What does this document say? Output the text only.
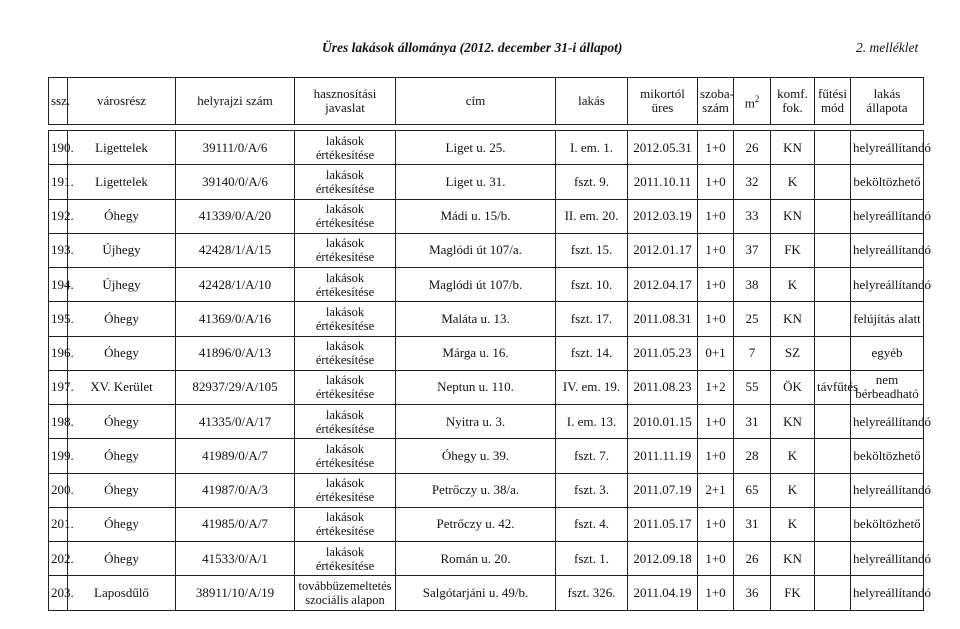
Üres lakások állománya (2012. december 31-i állapot)	2. melléklet
ssz.	városrész	helyrajzi szám	hasznosítási javaslat	cím	lakás	mikortól üres	szoba-szám	$m^2$	komf. fok.	fűtési mód	lakás állapota

190.	Ligettelek	39111/0/A/6	lakások értékesítése	Liget u. 25.	I. em. 1.	2012.05.31	1+0	26	KN		helyreállítandó
191.	Ligettelek	39140/0/A/6	lakások értékesítése	Liget u. 31.	fszt. 9.	2011.10.11	1+0	32	K		beköltözhető
192.	Óhegy	41339/0/A/20	lakások értékesítése	Mádi u. 15/b.	II. em. 20.	2012.03.19	1+0	33	KN		helyreállítandó
193.	Újhegy	42428/1/A/15	lakások értékesítése	Maglódi út 107/a.	fszt. 15.	2012.01.17	1+0	37	FK		helyreállítandó
194.	Újhegy	42428/1/A/10	lakások értékesítése	Maglódi út 107/b.	fszt. 10.	2012.04.17	1+0	38	K		helyreállítandó
195.	Óhegy	41369/0/A/16	lakások értékesítése	Maláta u. 13.	fszt. 17.	2011.08.31	1+0	25	KN		felújítás alatt
196.	Óhegy	41896/0/A/13	lakások értékesítése	Márga u. 16.	fszt. 14.	2011.05.23	0+1	7	SZ		egyéb
197.	XV. Kerület	82937/29/A/105	lakások értékesítése	Neptun u. 110.	IV. em. 19.	2011.08.23	1+2	55	ÖK	távfűtés	nem bérbeadható
198.	Óhegy	41335/0/A/17	lakások értékesítése	Nyitra u. 3.	I. em. 13.	2010.01.15	1+0	31	KN		helyreállítandó
199.	Óhegy	41989/0/A/7	lakások értékesítése	Óhegy u. 39.	fszt. 7.	2011.11.19	1+0	28	K		beköltözhető
200.	Óhegy	41987/0/A/3	lakások értékesítése	Petrőczy u. 38/a.	fszt. 3.	2011.07.19	2+1	65	K		helyreállítandó
201.	Óhegy	41985/0/A/7	lakások értékesítése	Petrőczy u. 42.	fszt. 4.	2011.05.17	1+0	31	K		beköltözhető
202.	Óhegy	41533/0/A/1	lakások értékesítése	Román u. 20.	fszt. 1.	2012.09.18	1+0	26	KN		helyreállítandó
203.	Laposdűlő	38911/10/A/19	továbbüzemeltetés szociális alapon	Salgótarjáni u. 49/b.	fszt. 326.	2011.04.19	1+0	36	FK		helyreállítandó
